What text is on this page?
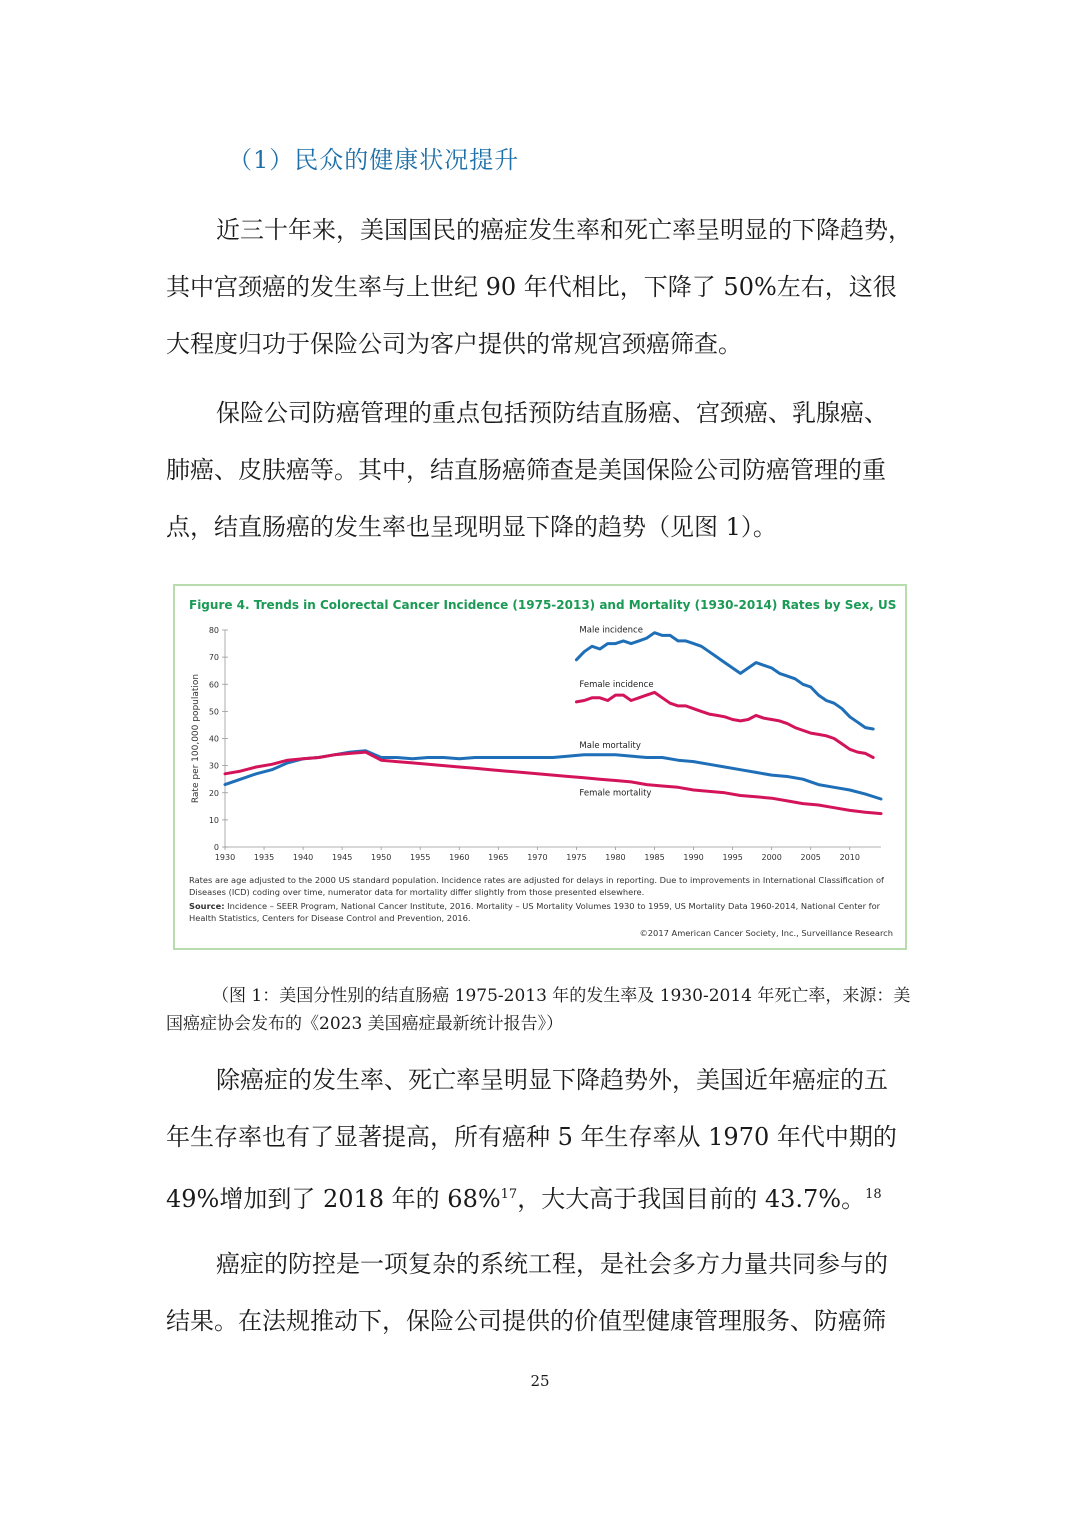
（1）民众的健康状况提升
近三十年来，美国国民的癌症发生率和死亡率呈明显的下降趋势，
其中宫颈癌的发生率与上世纪 90 年代相比，下降了 50%左右，这很
大程度归功于保险公司为客户提供的常规宫颈癌筛查。
保险公司防癌管理的重点包括预防结直肠癌、宫颈癌、乳腺癌、
肺癌、皮肤癌等。其中，结直肠癌筛查是美国保险公司防癌管理的重
点，结直肠癌的发生率也呈现明显下降的趋势（见图 1）。
Figure 4. Trends in Colorectal Cancer Incidence (1975-2013) and Mortality (1930-2014) Rates by Sex, US
0
10
20
30
40
50
60
70
80
1930 1935 1940 1945 1950 1955 1960 1965 1970 1975 1980 1985 1990 1995 2000 2005 2010
Rate per 100,000 population
Male incidence
Female incidence
Male mortality
Female mortality
Rates are age adjusted to the 2000 US standard population. Incidence rates are adjusted for delays in reporting. Due to improvements in International Classification of Diseases (ICD) coding over time, numerator data for mortality differ slightly from those presented elsewhere.
Source: Incidence – SEER Program, National Cancer Institute, 2016. Mortality – US Mortality Volumes 1930 to 1959, US Mortality Data 1960-2014, National Center for Health Statistics, Centers for Disease Control and Prevention, 2016.
©2017 American Cancer Society, Inc., Surveillance Research
（图 1：美国分性别的结直肠癌 1975-2013 年的发生率及 1930-2014 年死亡率，来源：美
国癌症协会发布的《2023 美国癌症最新统计报告》）
除癌症的发生率、死亡率呈明显下降趋势外，美国近年癌症的五
年生存率也有了显著提高，所有癌种 5 年生存率从 1970 年代中期的
49%增加到了 2018 年的 68%$^{17}$，大大高于我国目前的 43.7%。$^{18}$
癌症的防控是一项复杂的系统工程，是社会多方力量共同参与的
结果。在法规推动下，保险公司提供的价值型健康管理服务、防癌筛
25
